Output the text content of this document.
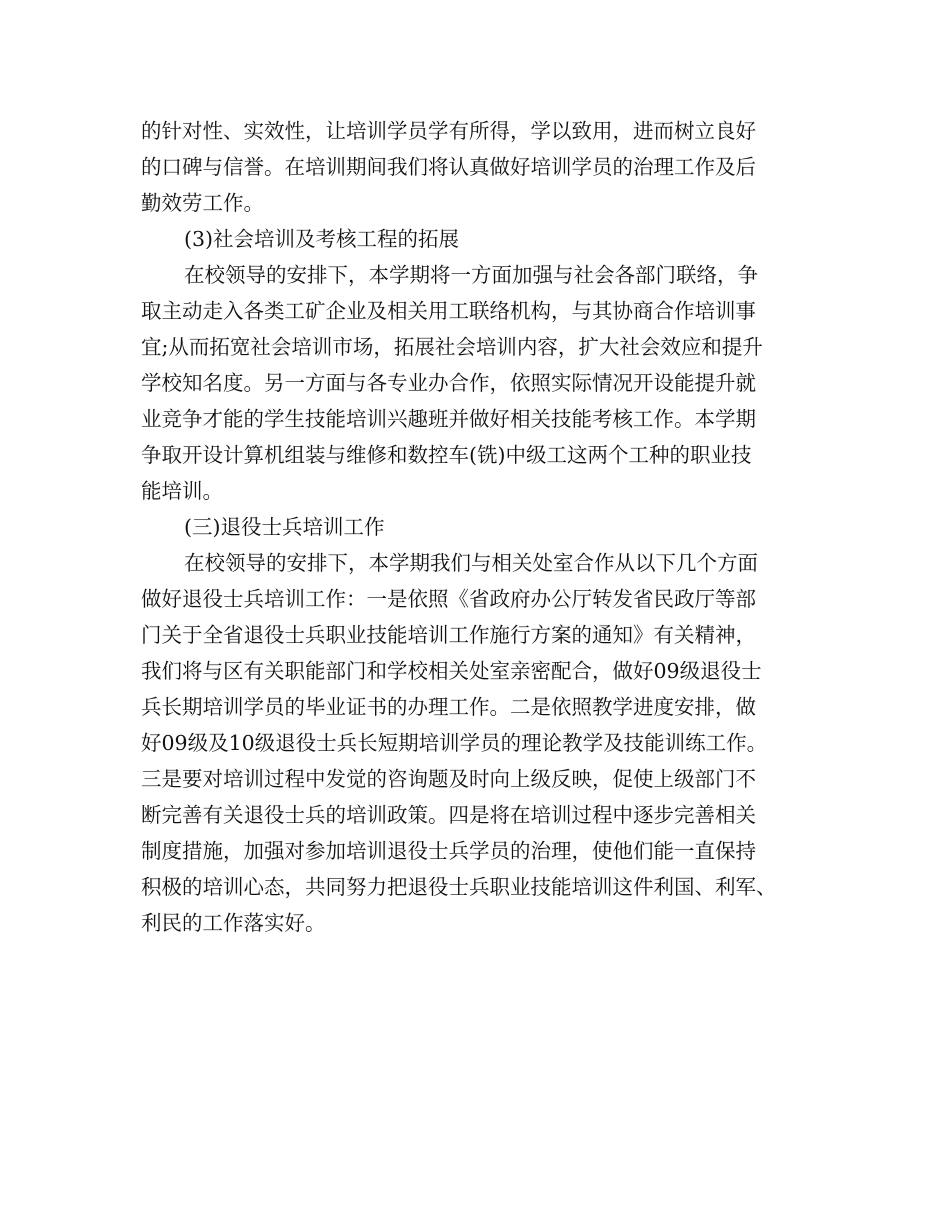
的针对性、实效性，让培训学员学有所得，学以致用，进而树立良好
的口碑与信誉。在培训期间我们将认真做好培训学员的治理工作及后
勤效劳工作。
(3)社会培训及考核工程的拓展
在校领导的安排下，本学期将一方面加强与社会各部门联络，争
取主动走入各类工矿企业及相关用工联络机构，与其协商合作培训事
宜;从而拓宽社会培训市场，拓展社会培训内容，扩大社会效应和提升
学校知名度。另一方面与各专业办合作，依照实际情况开设能提升就
业竞争才能的学生技能培训兴趣班并做好相关技能考核工作。本学期
争取开设计算机组装与维修和数控车(铣)中级工这两个工种的职业技
能培训。
(三)退役士兵培训工作
在校领导的安排下，本学期我们与相关处室合作从以下几个方面
做好退役士兵培训工作：一是依照《省政府办公厅转发省民政厅等部
门关于全省退役士兵职业技能培训工作施行方案的通知》有关精神，
我们将与区有关职能部门和学校相关处室亲密配合，做好09级退役士
兵长期培训学员的毕业证书的办理工作。二是依照教学进度安排，做
好09级及10级退役士兵长短期培训学员的理论教学及技能训练工作。
三是要对培训过程中发觉的咨询题及时向上级反映，促使上级部门不
断完善有关退役士兵的培训政策。四是将在培训过程中逐步完善相关
制度措施，加强对参加培训退役士兵学员的治理，使他们能一直保持
积极的培训心态，共同努力把退役士兵职业技能培训这件利国、利军、
利民的工作落实好。
